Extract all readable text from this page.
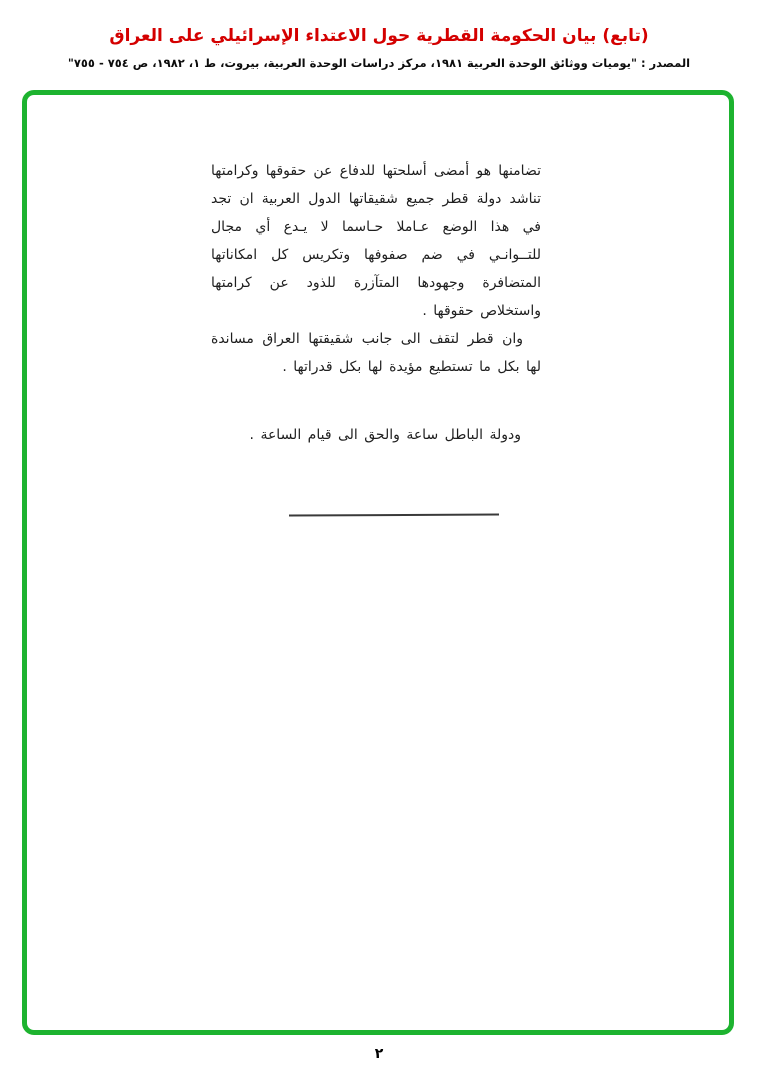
(تابع) بيان الحكومة القطرية حول الاعتداء الإسرائيلي على العراق
المصدر : "يوميات ووثائق الوحدة العربية ١٩٨١، مركز دراسات الوحدة العربية، بيروت، ط ١، ١٩٨٢، ص ٧٥٤ - ٧٥٥"

تضامنها هو أمضى أسلحتها للدفاع عن حقوقها وكرامتها تناشد دولة قطر جميع شقيقاتها الدول العربية ان تجد في هذا الوضع عـاملا حـاسما لا يـدع أي مجال للتــوانـي في ضم صفوفها وتكريس كل امكاناتها المتضافرة وجهودها المتآزرة للذود عن كرامتها واستخلاص حقوقها .

وان قطر لتقف الى جانب شقيقتها العراق مساندة لها بكل ما تستطيع مؤيدة لها بكل قدراتها .

ودولة الباطل ساعة والحق الى قيام الساعة .

٢
